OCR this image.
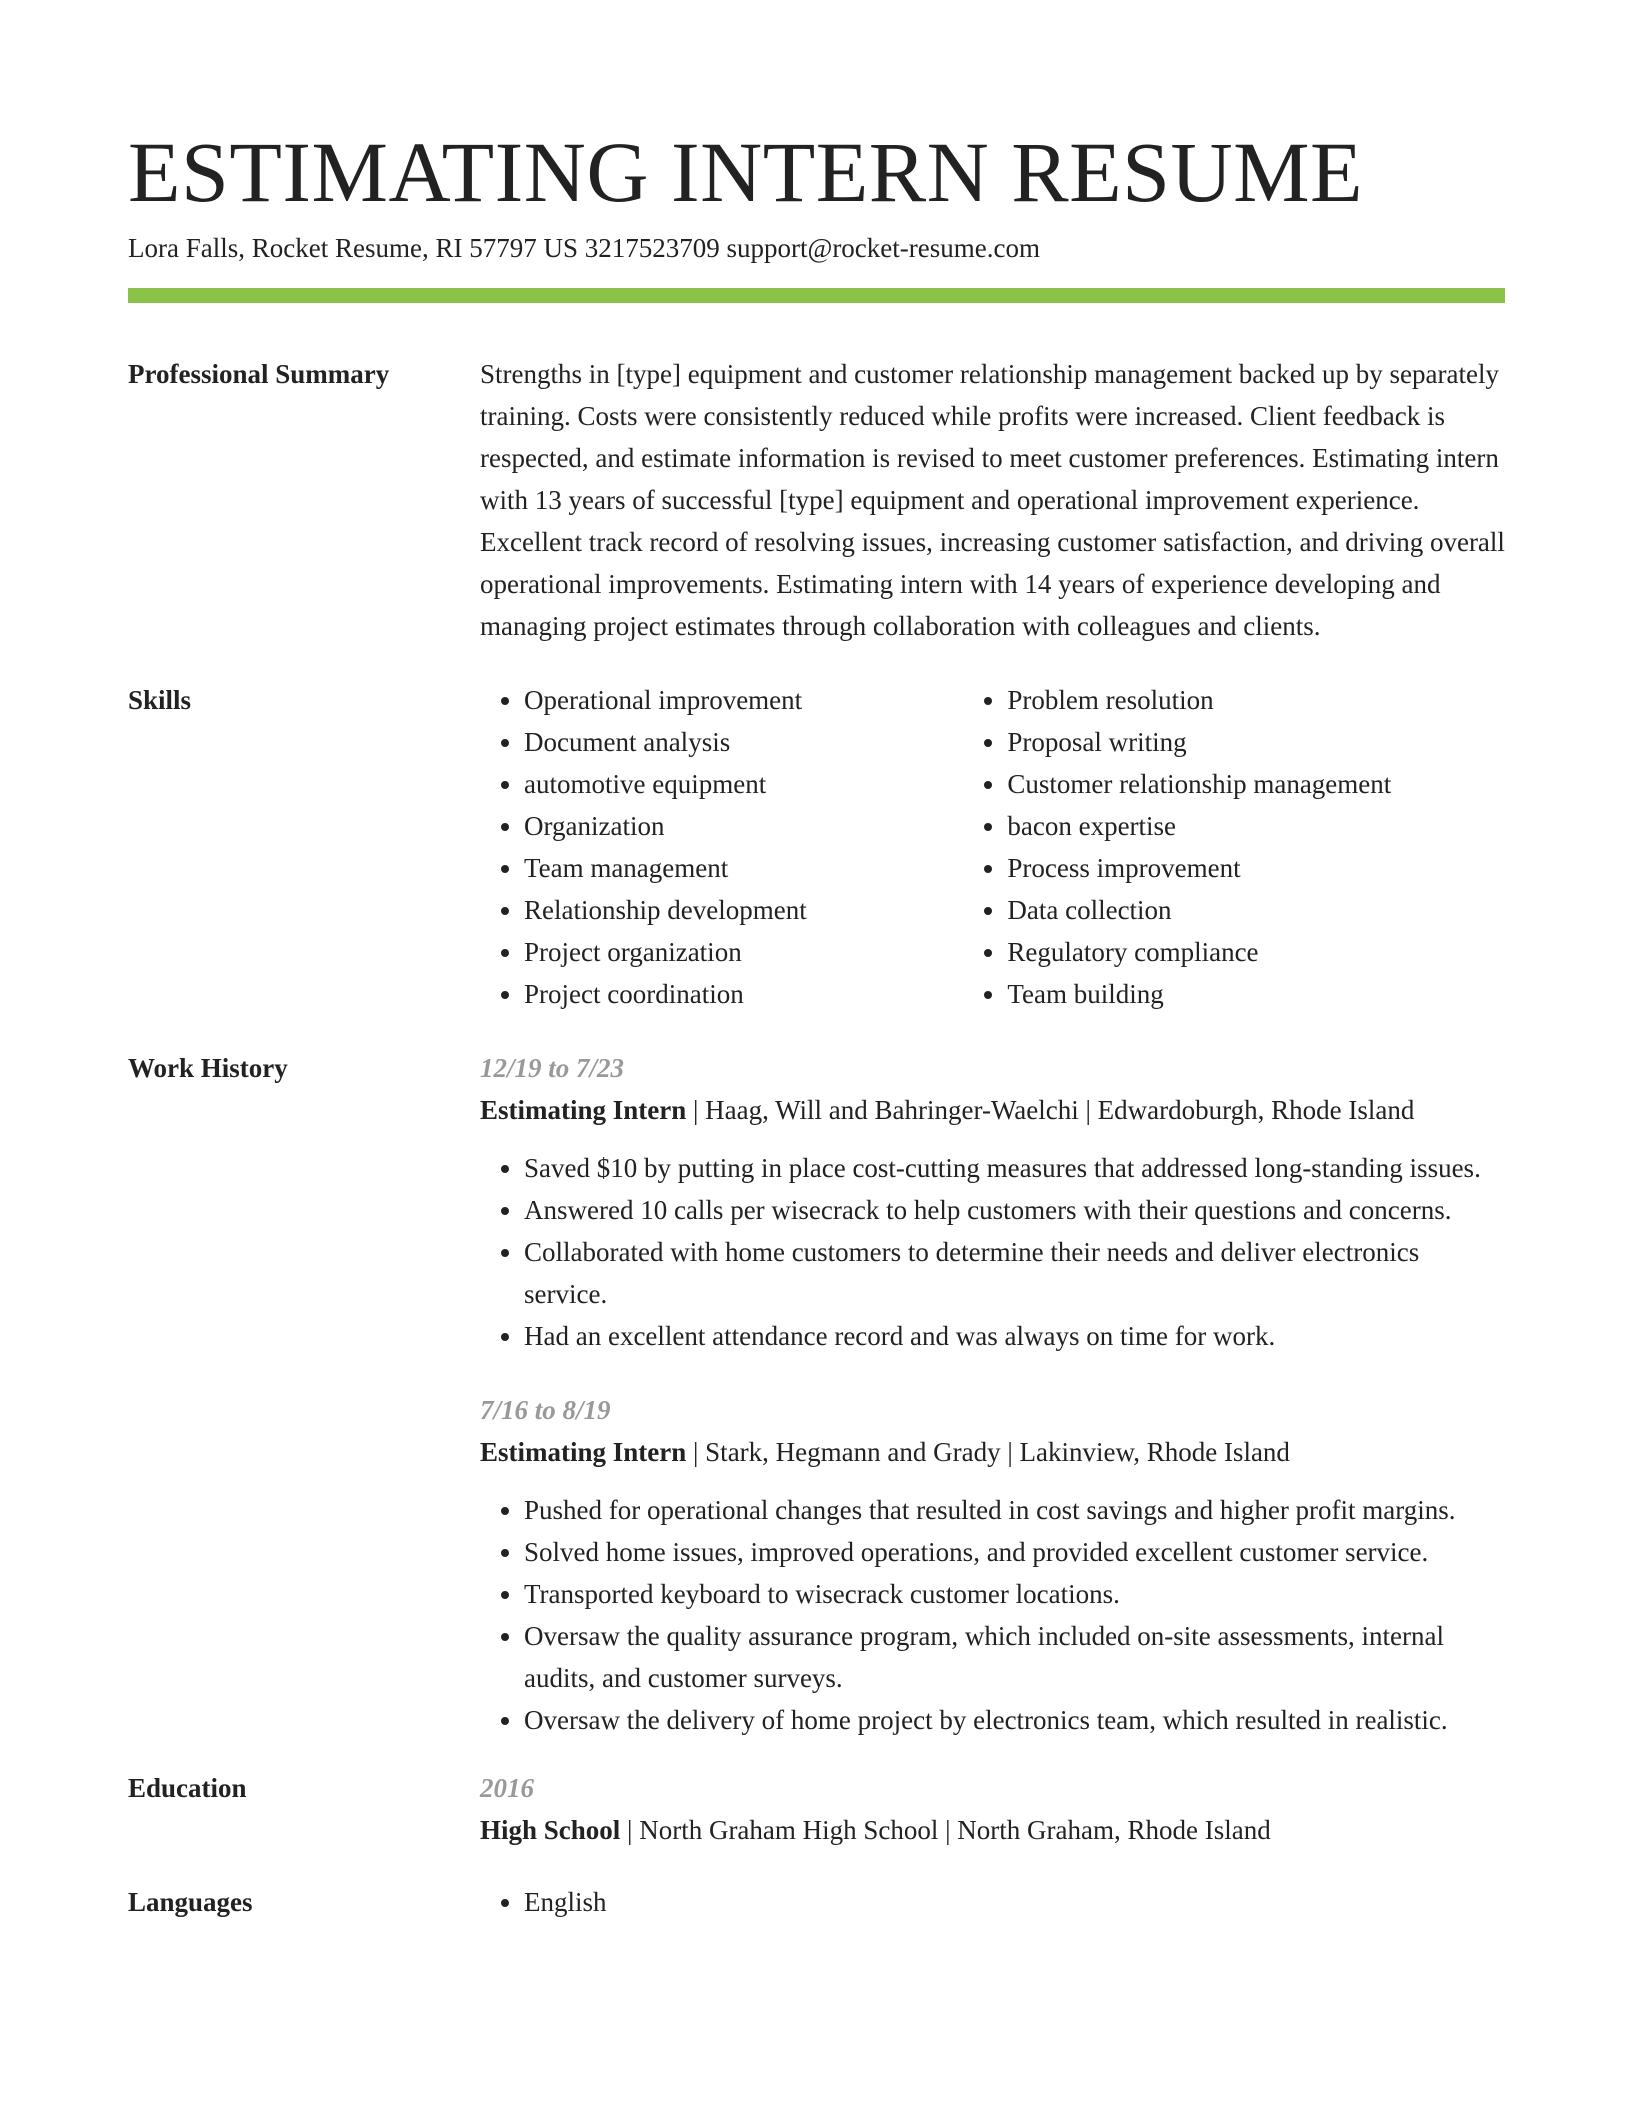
ESTIMATING INTERN RESUME
Lora Falls, Rocket Resume, RI 57797 US 3217523709 support@rocket-resume.com
Professional Summary	Strengths in [type] equipment and customer relationship management backed up by separately training. Costs were consistently reduced while profits were increased. Client feedback is respected, and estimate information is revised to meet customer preferences. Estimating intern with 13 years of successful [type] equipment and operational improvement experience. Excellent track record of resolving issues, increasing customer satisfaction, and driving overall operational improvements. Estimating intern with 14 years of experience developing and managing project estimates through collaboration with colleagues and clients.
Skills	• Operational improvement
• Document analysis
• automotive equipment
• Organization
• Team management
• Relationship development
• Project organization
• Project coordination
• Problem resolution
• Proposal writing
• Customer relationship management
• bacon expertise
• Process improvement
• Data collection
• Regulatory compliance
• Team building
Work History	12/19 to 7/23
Estimating Intern | Haag, Will and Bahringer-Waelchi | Edwardoburgh, Rhode Island
• Saved $10 by putting in place cost-cutting measures that addressed long-standing issues.
• Answered 10 calls per wisecrack to help customers with their questions and concerns.
• Collaborated with home customers to determine their needs and deliver electronics service.
• Had an excellent attendance record and was always on time for work.
7/16 to 8/19
Estimating Intern | Stark, Hegmann and Grady | Lakinview, Rhode Island
• Pushed for operational changes that resulted in cost savings and higher profit margins.
• Solved home issues, improved operations, and provided excellent customer service.
• Transported keyboard to wisecrack customer locations.
• Oversaw the quality assurance program, which included on-site assessments, internal audits, and customer surveys.
• Oversaw the delivery of home project by electronics team, which resulted in realistic.
Education	2016
High School | North Graham High School | North Graham, Rhode Island
Languages	• English
